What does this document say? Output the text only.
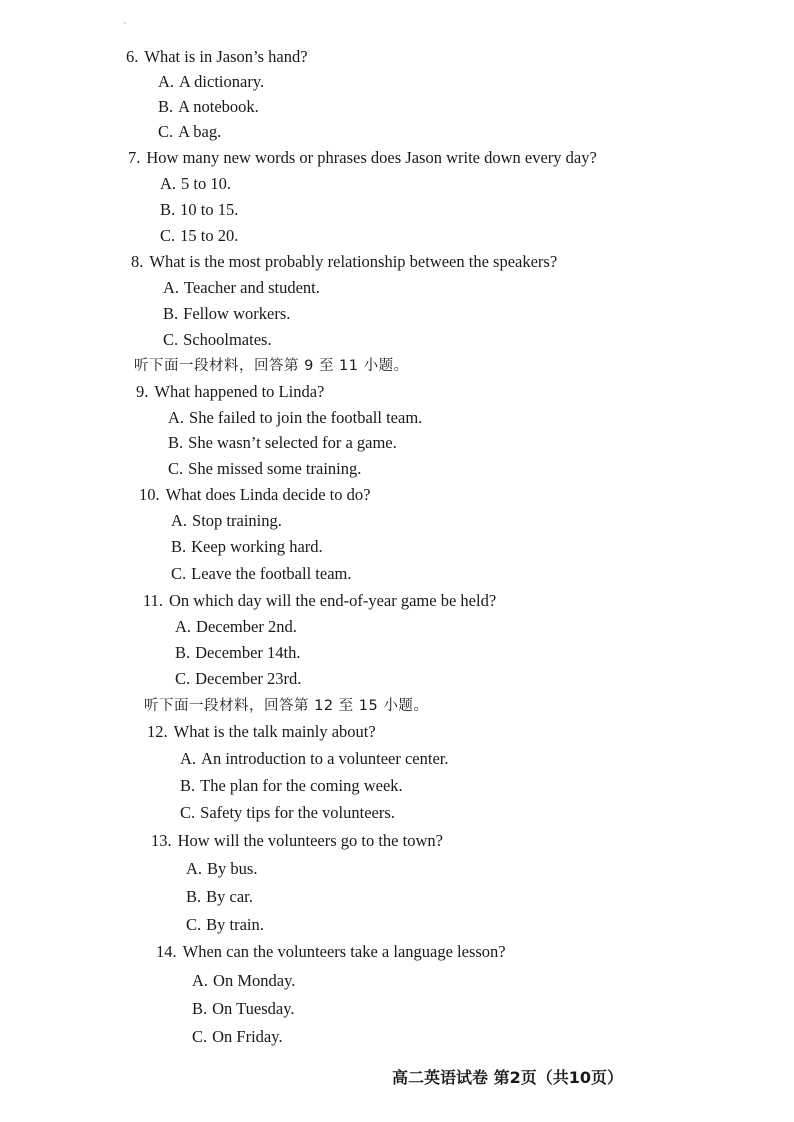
6. What is in Jason’s hand?
A. A dictionary.
B. A notebook.
C. A bag.
7. How many new words or phrases does Jason write down every day?
A. 5 to 10.
B. 10 to 15.
C. 15 to 20.
8. What is the most probably relationship between the speakers?
A. Teacher and student.
B. Fellow workers.
C. Schoolmates.
听下面一段材料，回答第 9 至 11 小题。
9. What happened to Linda?
A. She failed to join the football team.
B. She wasn’t selected for a game.
C. She missed some training.
10. What does Linda decide to do?
A. Stop training.
B. Keep working hard.
C. Leave the football team.
11. On which day will the end-of-year game be held?
A. December 2nd.
B. December 14th.
C. December 23rd.
听下面一段材料，回答第 12 至 15 小题。
12. What is the talk mainly about?
A. An introduction to a volunteer center.
B. The plan for the coming week.
C. Safety tips for the volunteers.
13. How will the volunteers go to the town?
A. By bus.
B. By car.
C. By train.
14. When can the volunteers take a language lesson?
A. On Monday.
B. On Tuesday.
C. On Friday.
高二英语试卷 第2页（共10页）
